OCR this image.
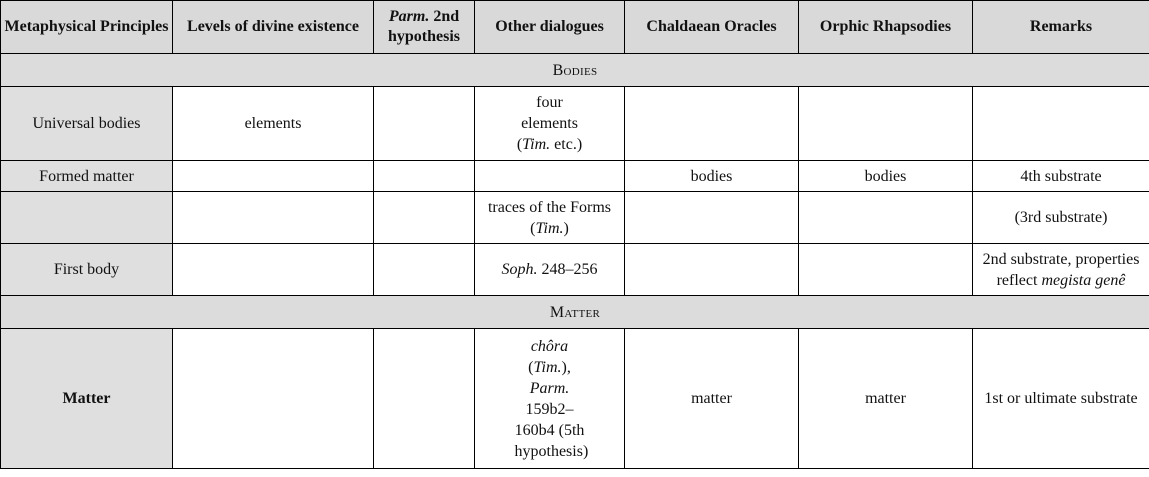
Metaphysical Principles	Levels of divine existence	Parm. 2nd hypothesis	Other dialogues	Chaldaean Oracles	Orphic Rhapsodies	Remarks
Bodies						
Universal bodies	elements		four elements (Tim. etc.)			
Formed matter				bodies	bodies	4th substrate
			traces of the Forms (Tim.)			(3rd substrate)
First body			Soph. 248–256			2nd substrate, properties reflect megista genê
Matter						
Matter			chôra (Tim.), Parm. 159b2–160b4 (5th hypothesis)	matter	matter	1st or ultimate substrate
